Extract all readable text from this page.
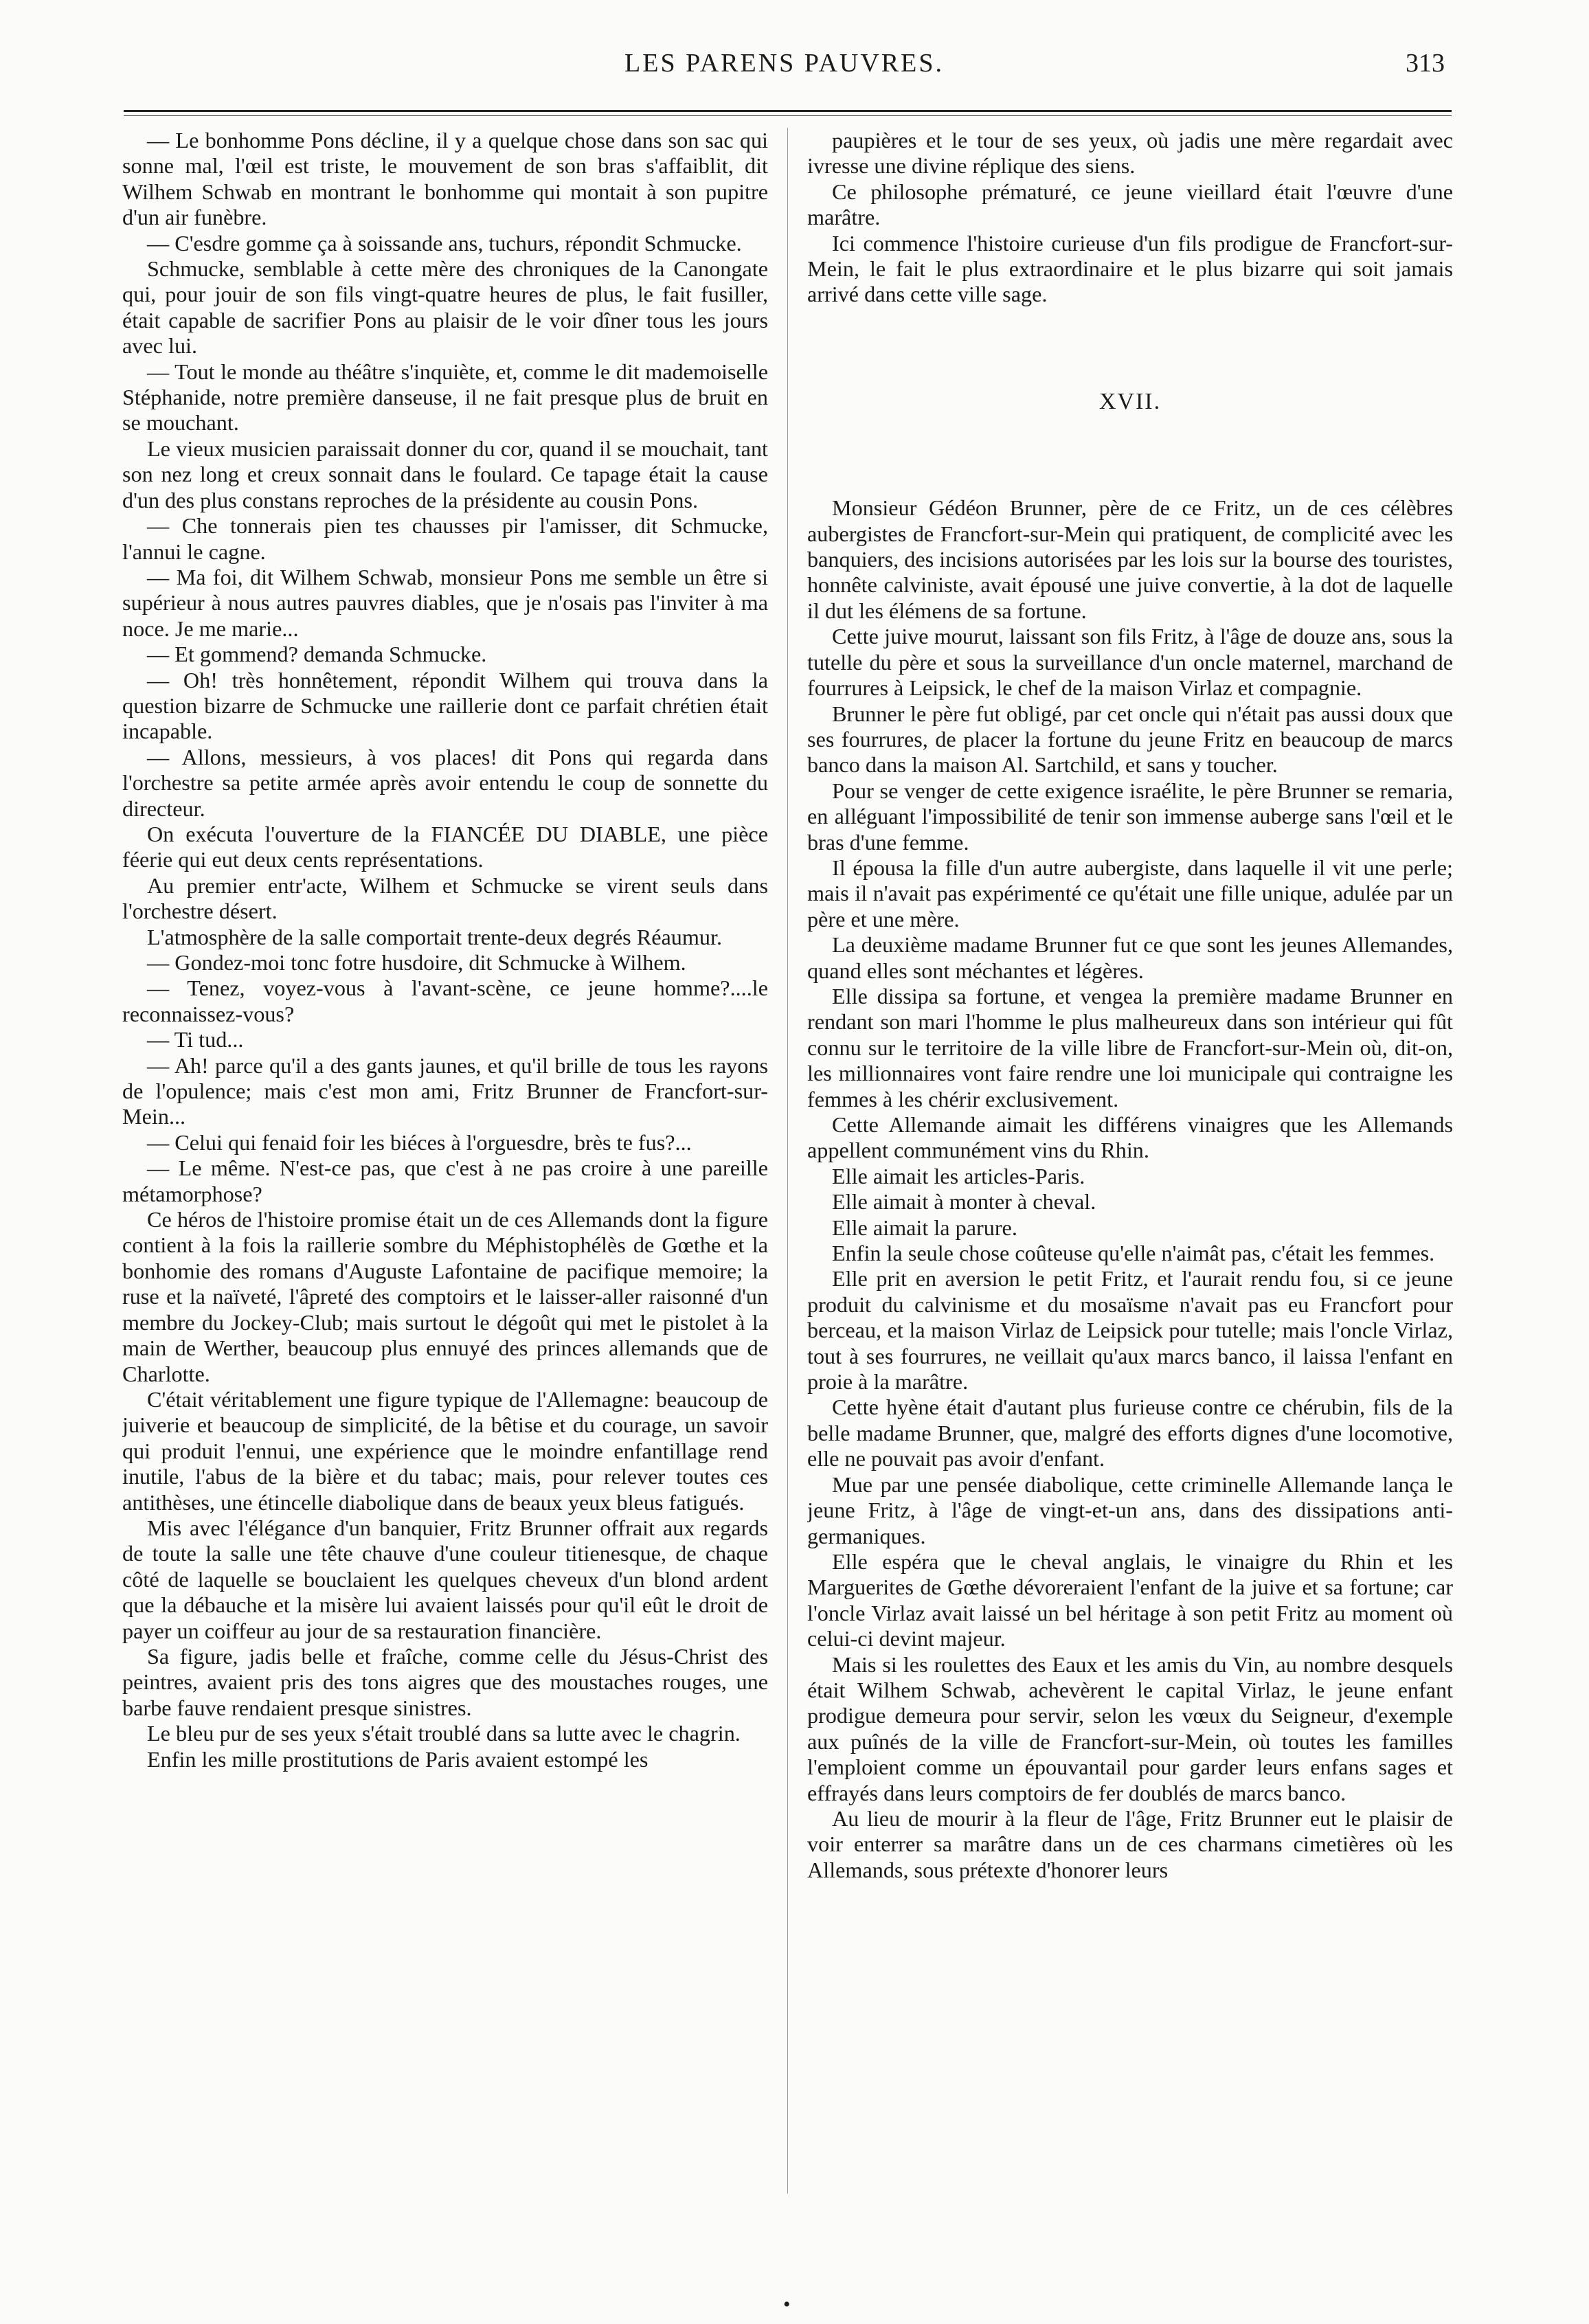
LES PARENS PAUVRES.	313

— Le bonhomme Pons décline, il y a quelque chose dans son sac qui sonne mal, l'œil est triste, le mouvement de son bras s'affaiblit, dit Wilhem Schwab en montrant le bonhomme qui montait à son pupitre d'un air funèbre.

— C'esdre gomme ça à soissande ans, tuchurs, répondit Schmucke.

Schmucke, semblable à cette mère des chroniques de la Canongate qui, pour jouir de son fils vingt-quatre heures de plus, le fait fusiller, était capable de sacrifier Pons au plaisir de le voir dîner tous les jours avec lui.

— Tout le monde au théâtre s'inquiète, et, comme le dit mademoiselle Stéphanide, notre première danseuse, il ne fait presque plus de bruit en se mouchant.

Le vieux musicien paraissait donner du cor, quand il se mouchait, tant son nez long et creux sonnait dans le foulard. Ce tapage était la cause d'un des plus constans reproches de la présidente au cousin Pons.

— Che tonnerais pien tes chausses pir l'amisser, dit Schmucke, l'annui le cagne.

— Ma foi, dit Wilhem Schwab, monsieur Pons me semble un être si supérieur à nous autres pauvres diables, que je n'osais pas l'inviter à ma noce. Je me marie...

— Et gommend? demanda Schmucke.

— Oh! très honnêtement, répondit Wilhem qui trouva dans la question bizarre de Schmucke une raillerie dont ce parfait chrétien était incapable.

— Allons, messieurs, à vos places! dit Pons qui regarda dans l'orchestre sa petite armée après avoir entendu le coup de sonnette du directeur.

On exécuta l'ouverture de la FIANCÉE DU DIABLE, une pièce féerie qui eut deux cents représentations.

Au premier entr'acte, Wilhem et Schmucke se virent seuls dans l'orchestre désert.

L'atmosphère de la salle comportait trente-deux degrés Réaumur.

— Gondez-moi tonc fotre husdoire, dit Schmucke à Wilhem.

— Tenez, voyez-vous à l'avant-scène, ce jeune homme?....le reconnaissez-vous?

— Ti tud...

— Ah! parce qu'il a des gants jaunes, et qu'il brille de tous les rayons de l'opulence; mais c'est mon ami, Fritz Brunner de Francfort-sur-Mein...

— Celui qui fenaid foir les biéces à l'orguesdre, brès te fus?...

— Le même. N'est-ce pas, que c'est à ne pas croire à une pareille métamorphose?

Ce héros de l'histoire promise était un de ces Allemands dont la figure contient à la fois la raillerie sombre du Méphistophélès de Gœthe et la bonhomie des romans d'Auguste Lafontaine de pacifique memoire; la ruse et la naïveté, l'âpreté des comptoirs et le laisser-aller raisonné d'un membre du Jockey-Club; mais surtout le dégoût qui met le pistolet à la main de Werther, beaucoup plus ennuyé des princes allemands que de Charlotte.

C'était véritablement une figure typique de l'Allemagne: beaucoup de juiverie et beaucoup de simplicité, de la bêtise et du courage, un savoir qui produit l'ennui, une expérience que le moindre enfantillage rend inutile, l'abus de la bière et du tabac; mais, pour relever toutes ces antithèses, une étincelle diabolique dans de beaux yeux bleus fatigués.

Mis avec l'élégance d'un banquier, Fritz Brunner offrait aux regards de toute la salle une tête chauve d'une couleur titienesque, de chaque côté de laquelle se bouclaient les quelques cheveux d'un blond ardent que la débauche et la misère lui avaient laissés pour qu'il eût le droit de payer un coiffeur au jour de sa restauration financière.

Sa figure, jadis belle et fraîche, comme celle du Jésus-Christ des peintres, avaient pris des tons aigres que des moustaches rouges, une barbe fauve rendaient presque sinistres.

Le bleu pur de ses yeux s'était troublé dans sa lutte avec le chagrin.

Enfin les mille prostitutions de Paris avaient estompé les

paupières et le tour de ses yeux, où jadis une mère regardait avec ivresse une divine réplique des siens.

Ce philosophe prématuré, ce jeune vieillard était l'œuvre d'une marâtre.

Ici commence l'histoire curieuse d'un fils prodigue de Francfort-sur-Mein, le fait le plus extraordinaire et le plus bizarre qui soit jamais arrivé dans cette ville sage.

XVII.

Monsieur Gédéon Brunner, père de ce Fritz, un de ces célèbres aubergistes de Francfort-sur-Mein qui pratiquent, de complicité avec les banquiers, des incisions autorisées par les lois sur la bourse des touristes, honnête calviniste, avait épousé une juive convertie, à la dot de laquelle il dut les élémens de sa fortune.

Cette juive mourut, laissant son fils Fritz, à l'âge de douze ans, sous la tutelle du père et sous la surveillance d'un oncle maternel, marchand de fourrures à Leipsick, le chef de la maison Virlaz et compagnie.

Brunner le père fut obligé, par cet oncle qui n'était pas aussi doux que ses fourrures, de placer la fortune du jeune Fritz en beaucoup de marcs banco dans la maison Al. Sartchild, et sans y toucher.

Pour se venger de cette exigence israélite, le père Brunner se remaria, en alléguant l'impossibilité de tenir son immense auberge sans l'œil et le bras d'une femme.

Il épousa la fille d'un autre aubergiste, dans laquelle il vit une perle; mais il n'avait pas expérimenté ce qu'était une fille unique, adulée par un père et une mère.

La deuxième madame Brunner fut ce que sont les jeunes Allemandes, quand elles sont méchantes et légères.

Elle dissipa sa fortune, et vengea la première madame Brunner en rendant son mari l'homme le plus malheureux dans son intérieur qui fût connu sur le territoire de la ville libre de Francfort-sur-Mein où, dit-on, les millionnaires vont faire rendre une loi municipale qui contraigne les femmes à les chérir exclusivement.

Cette Allemande aimait les différens vinaigres que les Allemands appellent communément vins du Rhin.

Elle aimait les articles-Paris.

Elle aimait à monter à cheval.

Elle aimait la parure.

Enfin la seule chose coûteuse qu'elle n'aimât pas, c'était les femmes.

Elle prit en aversion le petit Fritz, et l'aurait rendu fou, si ce jeune produit du calvinisme et du mosaïsme n'avait pas eu Francfort pour berceau, et la maison Virlaz de Leipsick pour tutelle; mais l'oncle Virlaz, tout à ses fourrures, ne veillait qu'aux marcs banco, il laissa l'enfant en proie à la marâtre.

Cette hyène était d'autant plus furieuse contre ce chérubin, fils de la belle madame Brunner, que, malgré des efforts dignes d'une locomotive, elle ne pouvait pas avoir d'enfant.

Mue par une pensée diabolique, cette criminelle Allemande lança le jeune Fritz, à l'âge de vingt-et-un ans, dans des dissipations anti-germaniques.

Elle espéra que le cheval anglais, le vinaigre du Rhin et les Marguerites de Gœthe dévoreraient l'enfant de la juive et sa fortune; car l'oncle Virlaz avait laissé un bel héritage à son petit Fritz au moment où celui-ci devint majeur.

Mais si les roulettes des Eaux et les amis du Vin, au nombre desquels était Wilhem Schwab, achevèrent le capital Virlaz, le jeune enfant prodigue demeura pour servir, selon les vœux du Seigneur, d'exemple aux puînés de la ville de Francfort-sur-Mein, où toutes les familles l'emploient comme un épouvantail pour garder leurs enfans sages et effrayés dans leurs comptoirs de fer doublés de marcs banco.

Au lieu de mourir à la fleur de l'âge, Fritz Brunner eut le plaisir de voir enterrer sa marâtre dans un de ces charmans cimetières où les Allemands, sous prétexte d'honorer leurs

•
